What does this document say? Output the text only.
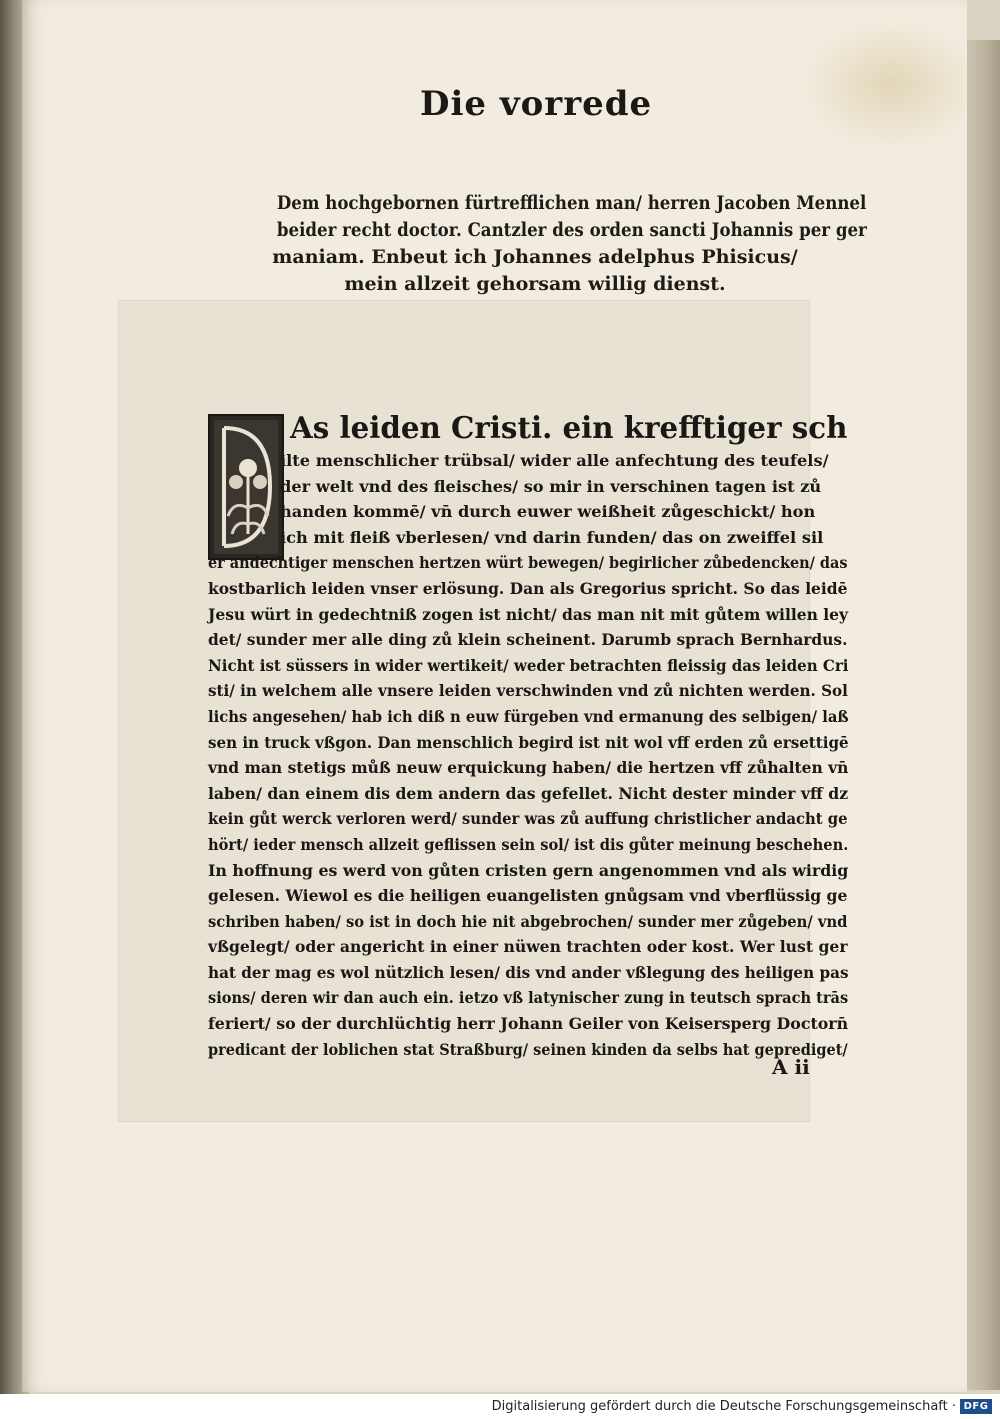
Die vorrede
Dem hochgebornen fürtrefflichen man/ herren Jacoben Mennel
beider recht doctor. Cantzler des orden sancti Johannis per ger
maniam. Enbeut ich Johannes adelphus Phisicus/
mein allzeit gehorsam willig dienst.
As leiden Cristi. ein krefftiger sch
ilte menschlicher trübsal/ wider alle anfechtung des teufels/
der welt vnd des fleisches/ so mir in verschinen tagen ist zů
handen kommē/ vn̄ durch euwer weißheit zůgeschickt/ hon
ich mit fleiß vberlesen/ vnd darin funden/ das on zweiffel sil
er andechtiger menschen hertzen würt bewegen/ begirlicher zůbedencken/ das
kostbarlich leiden vnser erlösung. Dan als Gregorius spricht. So das leidē
Jesu würt in gedechtniß zogen ist nicht/ das man nit mit gůtem willen ley
det/ sunder mer alle ding zů klein scheinent. Darumb sprach Bernhardus.
Nicht ist süssers in wider wertikeit/ weder betrachten fleissig das leiden Cri
sti/ in welchem alle vnsere leiden verschwinden vnd zů nichten werden. Sol
lichs angesehen/ hab ich diß n euw fürgeben vnd ermanung des selbigen/ laß
sen in truck vßgon. Dan menschlich begird ist nit wol vff erden zů ersettigē
vnd man stetigs můß neuw erquickung haben/ die hertzen vff zůhalten vn̄
laben/ dan einem dis dem andern das gefellet. Nicht dester minder vff dz
kein gůt werck verloren werd/ sunder was zů auffung christlicher andacht ge
hört/ ieder mensch allzeit geflissen sein sol/ ist dis gůter meinung beschehen.
In hoffnung es werd von gůten cristen gern angenommen vnd als wirdig
gelesen. Wiewol es die heiligen euangelisten gnůgsam vnd vberflüssig ge
schriben haben/ so ist in doch hie nit abgebrochen/ sunder mer zůgeben/ vnd
vßgelegt/ oder angericht in einer nüwen trachten oder kost. Wer lust ger
hat der mag es wol nützlich lesen/ dis vnd ander vßlegung des heiligen pas
sions/ deren wir dan auch ein. ietzo vß latynischer zung in teutsch sprach trās
feriert/ so der durchlüchtig herr Johann Geiler von Keisersperg Doctorn̄
predicant der loblichen stat Straßburg/ seinen kinden da selbs hat geprediget/
A ii
Digitalisierung gefördert durch die Deutsche Forschungsgemeinschaft · DFG
